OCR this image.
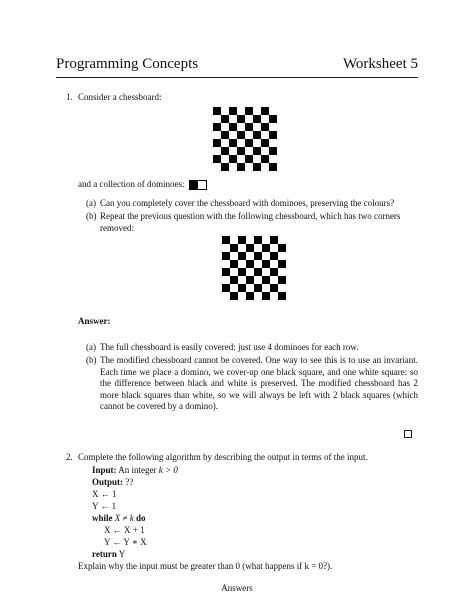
Programming Concepts	Worksheet 5
1. Consider a chessboard:
and a collection of dominoes:
(a) Can you completely cover the chessboard with dominoes, preserving the colours?
(b) Repeat the previous question with the following chessboard, which has two corners
removed:
Answer:
(a) The full chessboard is easily covered: just use 4 dominoes for each row.
(b) The modified chessboard cannot be covered. One way to see this is to use an invariant. Each time we place a domino, we cover-up one black square, and one white square: so the difference between black and white is preserved. The modified chessboard has 2 more black squares than white, so we will always be left with 2 black squares (which cannot be covered by a domino).
2. Complete the following algorithm by describing the output in terms of the input.
Input: An integer k > 0
Output: ??
X ← 1
Y ← 1
while X ≠ k do
X ← X + 1
Y ← Y ∗ X
return Y
Explain why the input must be greater than 0 (what happens if k = 0?).
Answers
